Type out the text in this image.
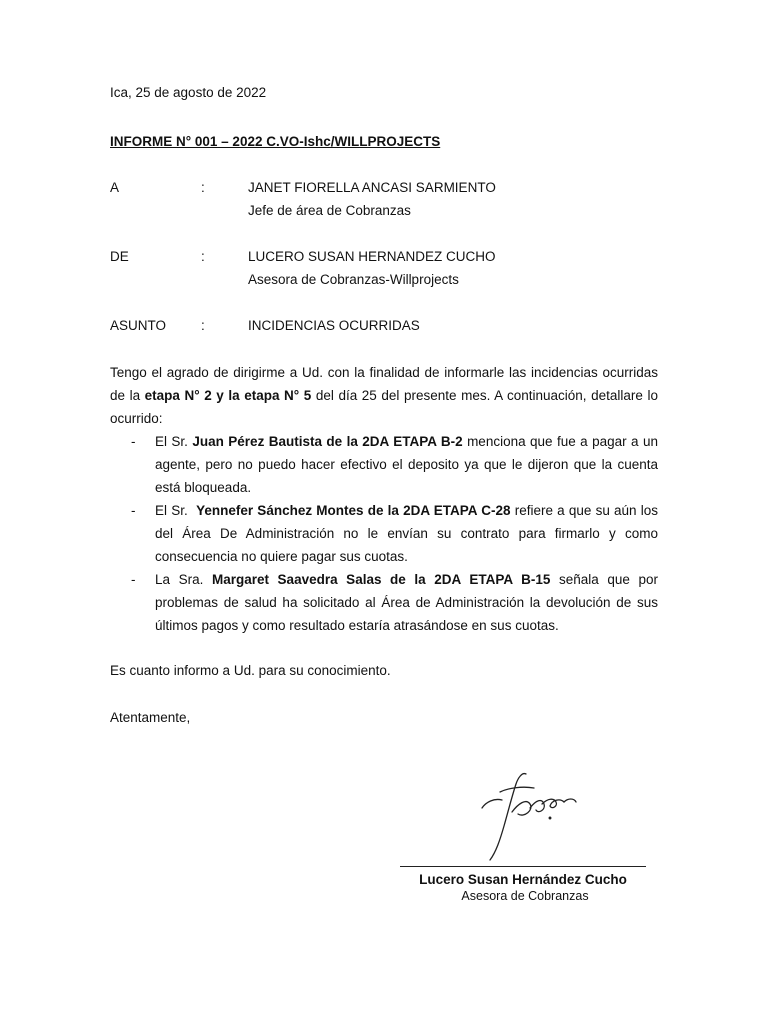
Ica, 25 de agosto de 2022
INFORME N° 001 – 2022 C.VO-Ishc/WILLPROJECTS
A	:	JANET FIORELLA ANCASI SARMIENTO
Jefe de área de Cobranzas
DE	:	LUCERO SUSAN HERNANDEZ CUCHO
Asesora de Cobranzas-Willprojects
ASUNTO	:	INCIDENCIAS OCURRIDAS

Tengo el agrado de dirigirme a Ud. con la finalidad de informarle las incidencias ocurridas de la etapa N° 2 y la etapa N° 5 del día 25 del presente mes. A continuación, detallare lo ocurrido:

- El Sr. Juan Pérez Bautista de la 2DA ETAPA B-2 menciona que fue a pagar a un agente, pero no puedo hacer efectivo el deposito ya que le dijeron que la cuenta está bloqueada.
- El Sr.  Yennefer Sánchez Montes de la 2DA ETAPA C-28 refiere a que su aún los del Área De Administración no le envían su contrato para firmarlo y como consecuencia no quiere pagar sus cuotas.
- La Sra. Margaret Saavedra Salas de la 2DA ETAPA B-15 señala que por problemas de salud ha solicitado al Área de Administración la devolución de sus últimos pagos y como resultado estaría atrasándose en sus cuotas.
Es cuanto informo a Ud. para su conocimiento.
Atentamente,
Lucero Susan Hernández Cucho
Asesora de Cobranzas
